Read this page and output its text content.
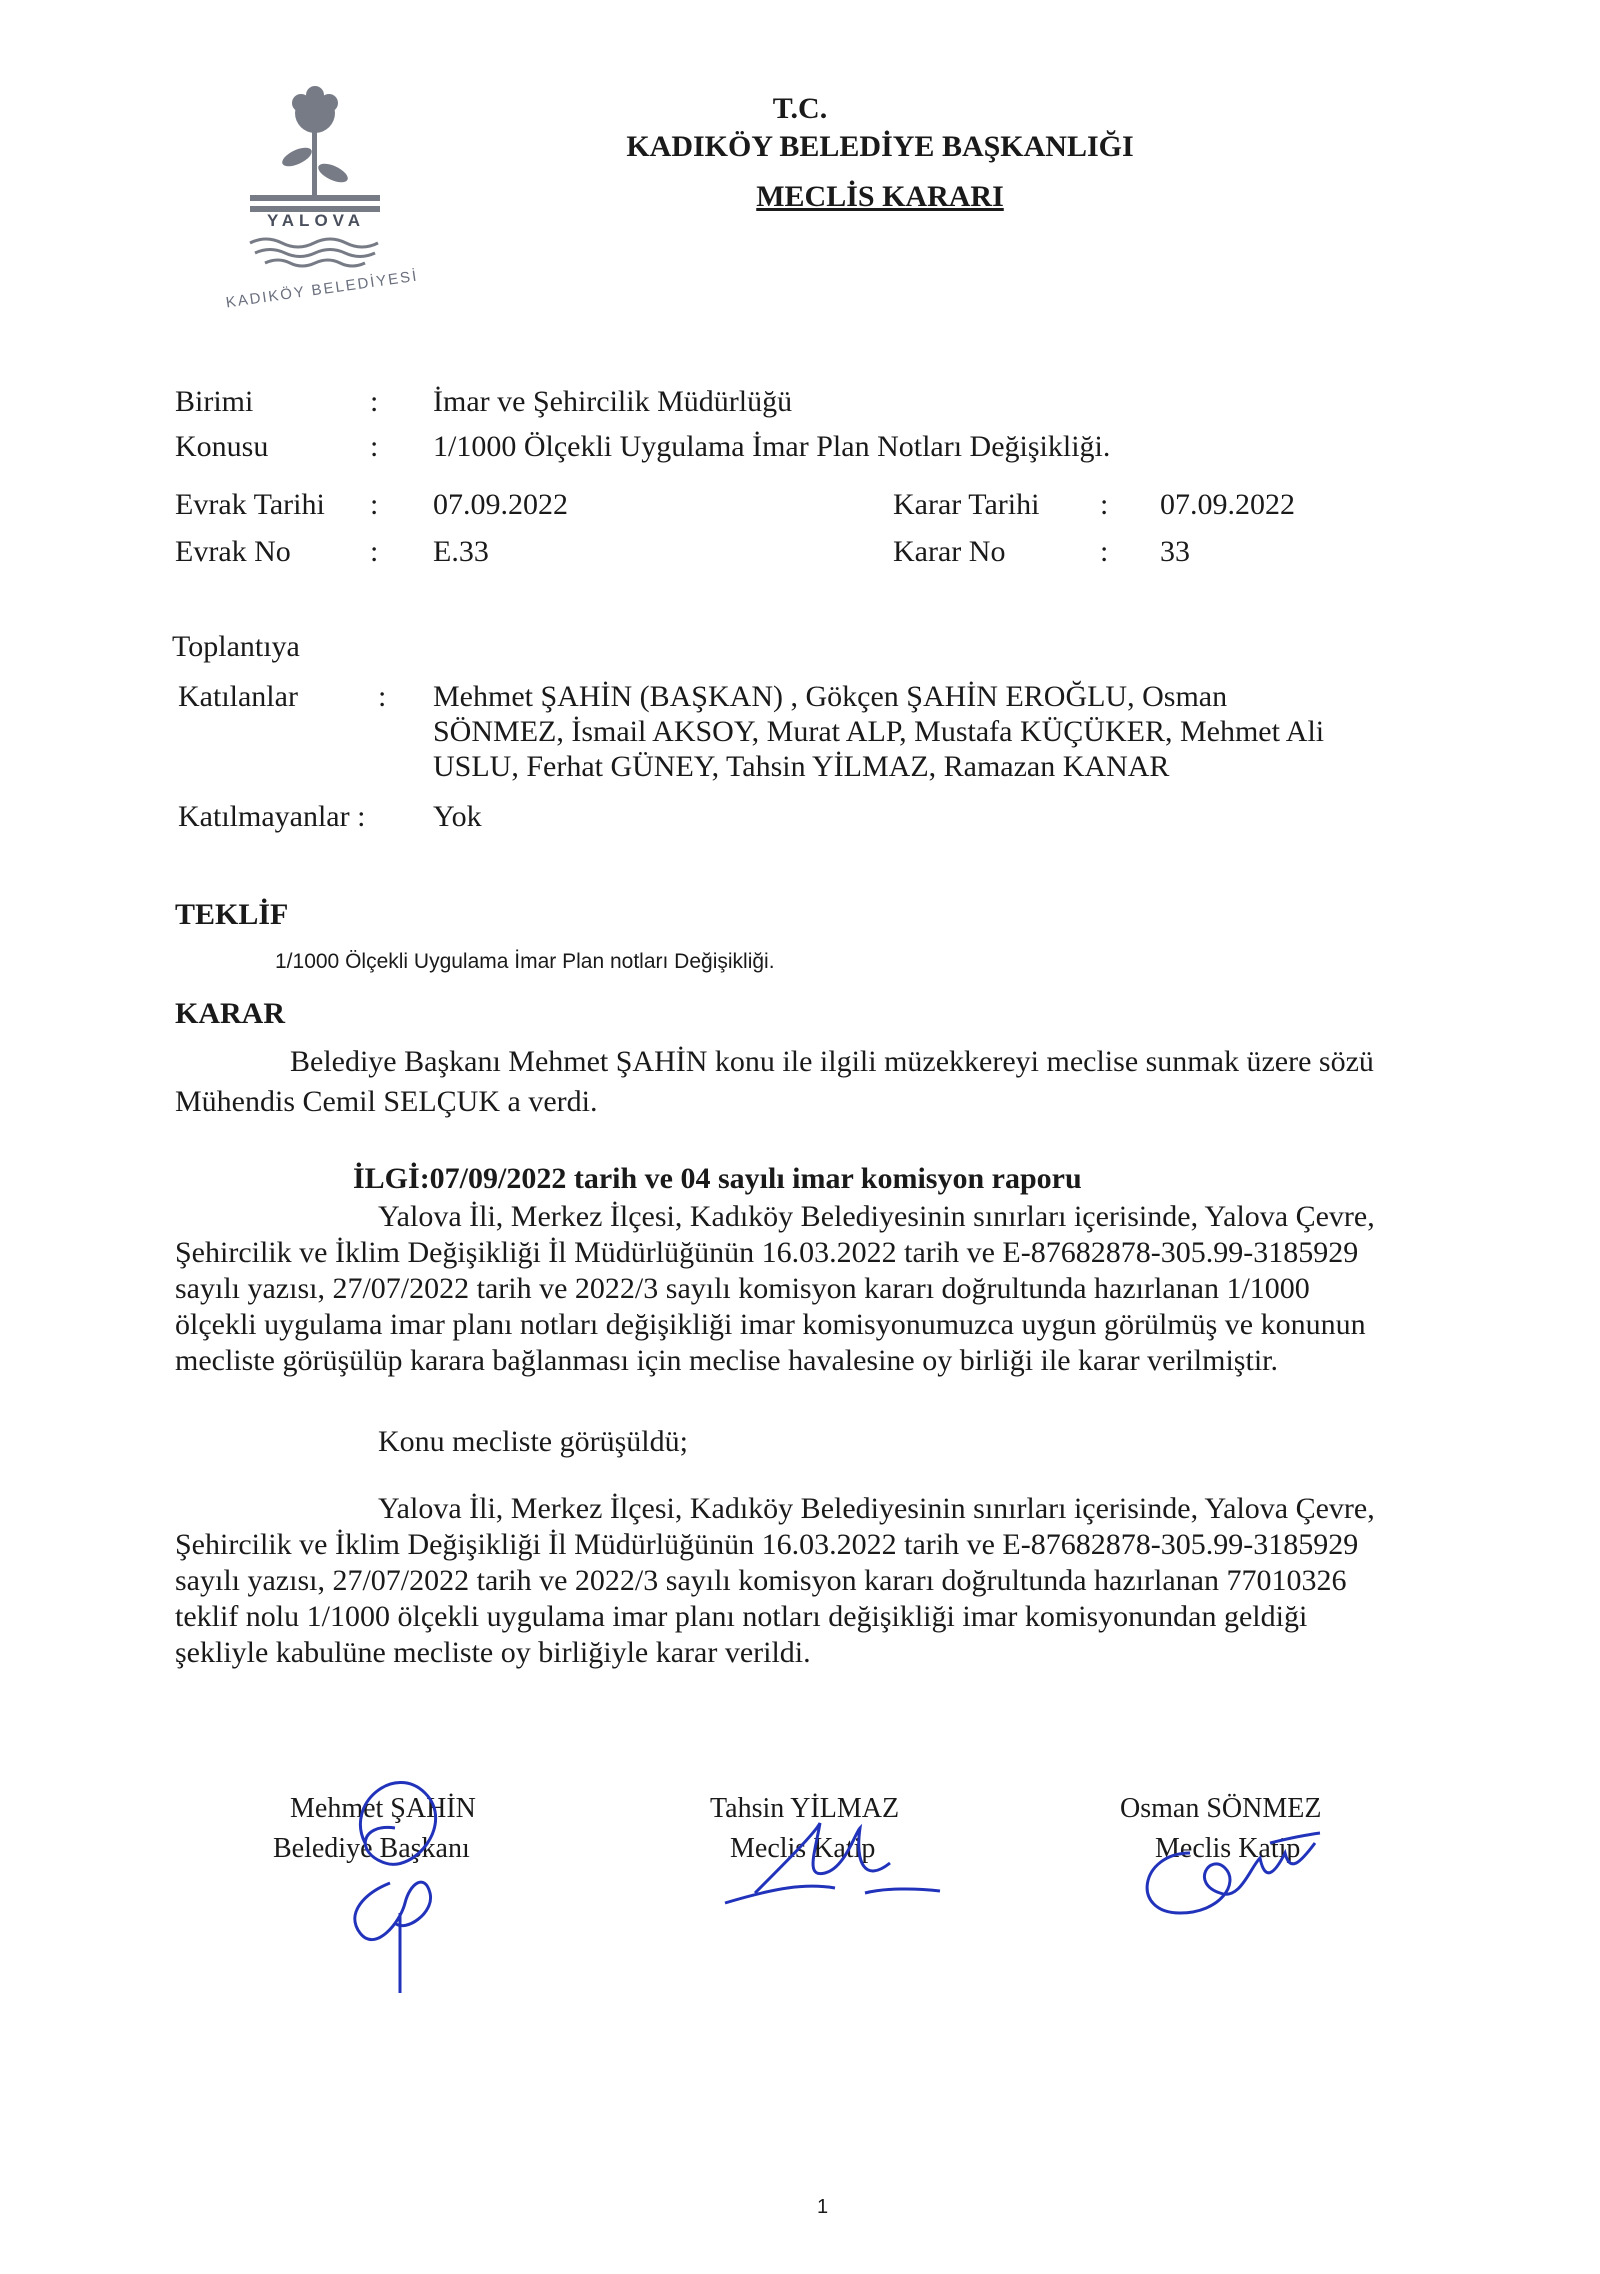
YALOVA
KADIKÖY BELEDİYESİ
T.C.
KADIKÖY BELEDİYE BAŞKANLIĞI
MECLİS KARARI
Birimi	: İmar ve Şehircilik Müdürlüğü
Konusu	: 1/1000 Ölçekli Uygulama İmar Plan Notları Değişikliği.
Evrak Tarihi : 07.09.2022	Karar Tarihi : 07.09.2022
Evrak No	: E.33	Karar No	: 33
Toplantıya
Katılanlar	: Mehmet ŞAHİN (BAŞKAN) , Gökçen ŞAHİN EROĞLU, Osman
SÖNMEZ, İsmail AKSOY, Murat ALP, Mustafa KÜÇÜKER, Mehmet Ali
USLU, Ferhat GÜNEY, Tahsin YİLMAZ, Ramazan KANAR
Katılmayanlar : Yok
TEKLİF
1/1000 Ölçekli Uygulama İmar Plan notları Değişikliği.
KARAR
Belediye Başkanı Mehmet ŞAHİN konu ile ilgili müzekkereyi meclise sunmak üzere sözü
Mühendis Cemil SELÇUK a verdi.
İLGİ:07/09/2022 tarih ve 04 sayılı imar komisyon raporu
Yalova İli, Merkez İlçesi, Kadıköy Belediyesinin sınırları içerisinde, Yalova Çevre,
Şehircilik ve İklim Değişikliği İl Müdürlüğünün 16.03.2022 tarih ve E-87682878-305.99-3185929
sayılı yazısı, 27/07/2022 tarih ve 2022/3 sayılı komisyon kararı doğrultunda hazırlanan 1/1000
ölçekli uygulama imar planı notları değişikliği imar komisyonumuzca uygun görülmüş ve konunun
mecliste görüşülüp karara bağlanması için meclise havalesine oy birliği ile karar verilmiştir.
Konu mecliste görüşüldü;
Yalova İli, Merkez İlçesi, Kadıköy Belediyesinin sınırları içerisinde, Yalova Çevre,
Şehircilik ve İklim Değişikliği İl Müdürlüğünün 16.03.2022 tarih ve E-87682878-305.99-3185929
sayılı yazısı, 27/07/2022 tarih ve 2022/3 sayılı komisyon kararı doğrultunda hazırlanan 77010326
teklif nolu 1/1000 ölçekli uygulama imar planı notları değişikliği imar komisyonundan geldiği
şekliyle kabulüne mecliste oy birliğiyle karar verildi.
Mehmet ŞAHİN
Belediye Başkanı
Tahsin YİLMAZ
Meclis Katip
Osman SÖNMEZ
Meclis Katip
1
